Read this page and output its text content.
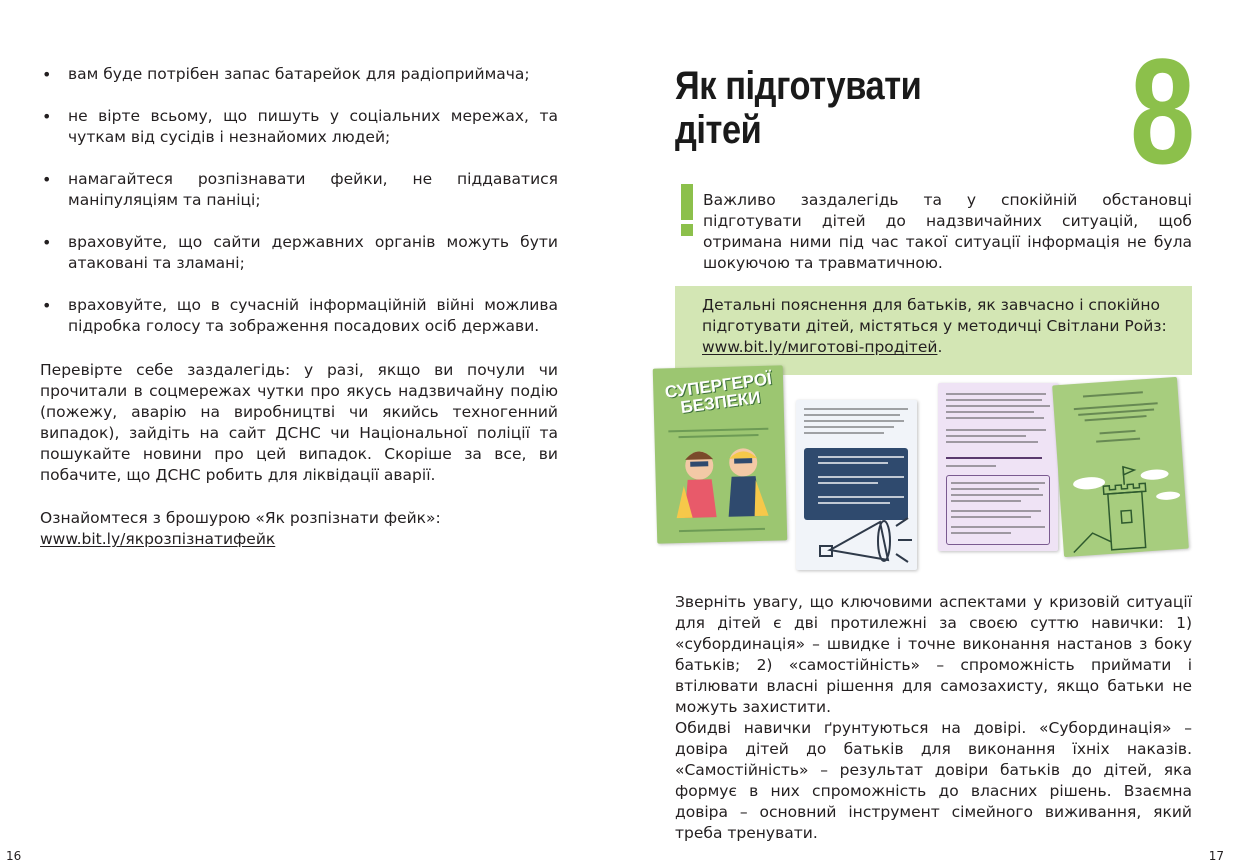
• вам буде потрібен запас батарейок для радіоприймача;
• не вірте всьому, що пишуть у соціальних мережах, та чуткам від сусідів і незнайомих людей;
• намагайтеся розпізнавати фейки, не піддаватися маніпуляціям та паніці;
• враховуйте, що сайти державних органів можуть бути атаковані та зламані;
• враховуйте, що в сучасній інформаційній війні можлива підробка голосу та зображення посадових осіб держави.

Перевірте себе заздалегідь: у разі, якщо ви почули чи прочитали в соцмережах чутки про якусь надзвичайну подію (пожежу, аварію на виробництві чи якийсь техногенний випадок), зайдіть на сайт ДСНС чи Національної поліції та пошукайте новини про цей випадок. Скоріше за все, ви побачите, що ДСНС робить для ліквідації аварії.

Ознайомтеся з брошурою «Як розпізнати фейк»:
www.bit.ly/якрозпізнатифейк

16
Як підготувати
дітей	8

Важливо заздалегідь та у спокійній обстановці підготувати дітей до надзвичайних ситуацій, щоб отримана ними під час такої ситуації інформація не була шокуючою та травматичною.

Детальні пояснення для батьків, як завчасно і спокійно підготувати дітей, містяться у методичці Світлани Ройз: www.bit.ly/миготові-продітей.
СУПЕРГЕРОЇ БЕЗПЕКИ

Зверніть увагу, що ключовими аспектами у кризовій ситуації для дітей є дві протилежні за своєю суттю навички: 1) «субординація» – швидке і точне виконання настанов з боку батьків; 2) «самостійність» – спроможність приймати і втілювати власні рішення для самозахисту, якщо батьки не можуть захистити.

Обидві навички ґрунтуються на довірі. «Субординація» – довіра дітей до батьків для виконання їхніх наказів. «Самостійність» – результат довіри батьків до дітей, яка формує в них спроможність до власних рішень. Взаємна довіра – основний інструмент сімейного виживання, який треба тренувати.

17
